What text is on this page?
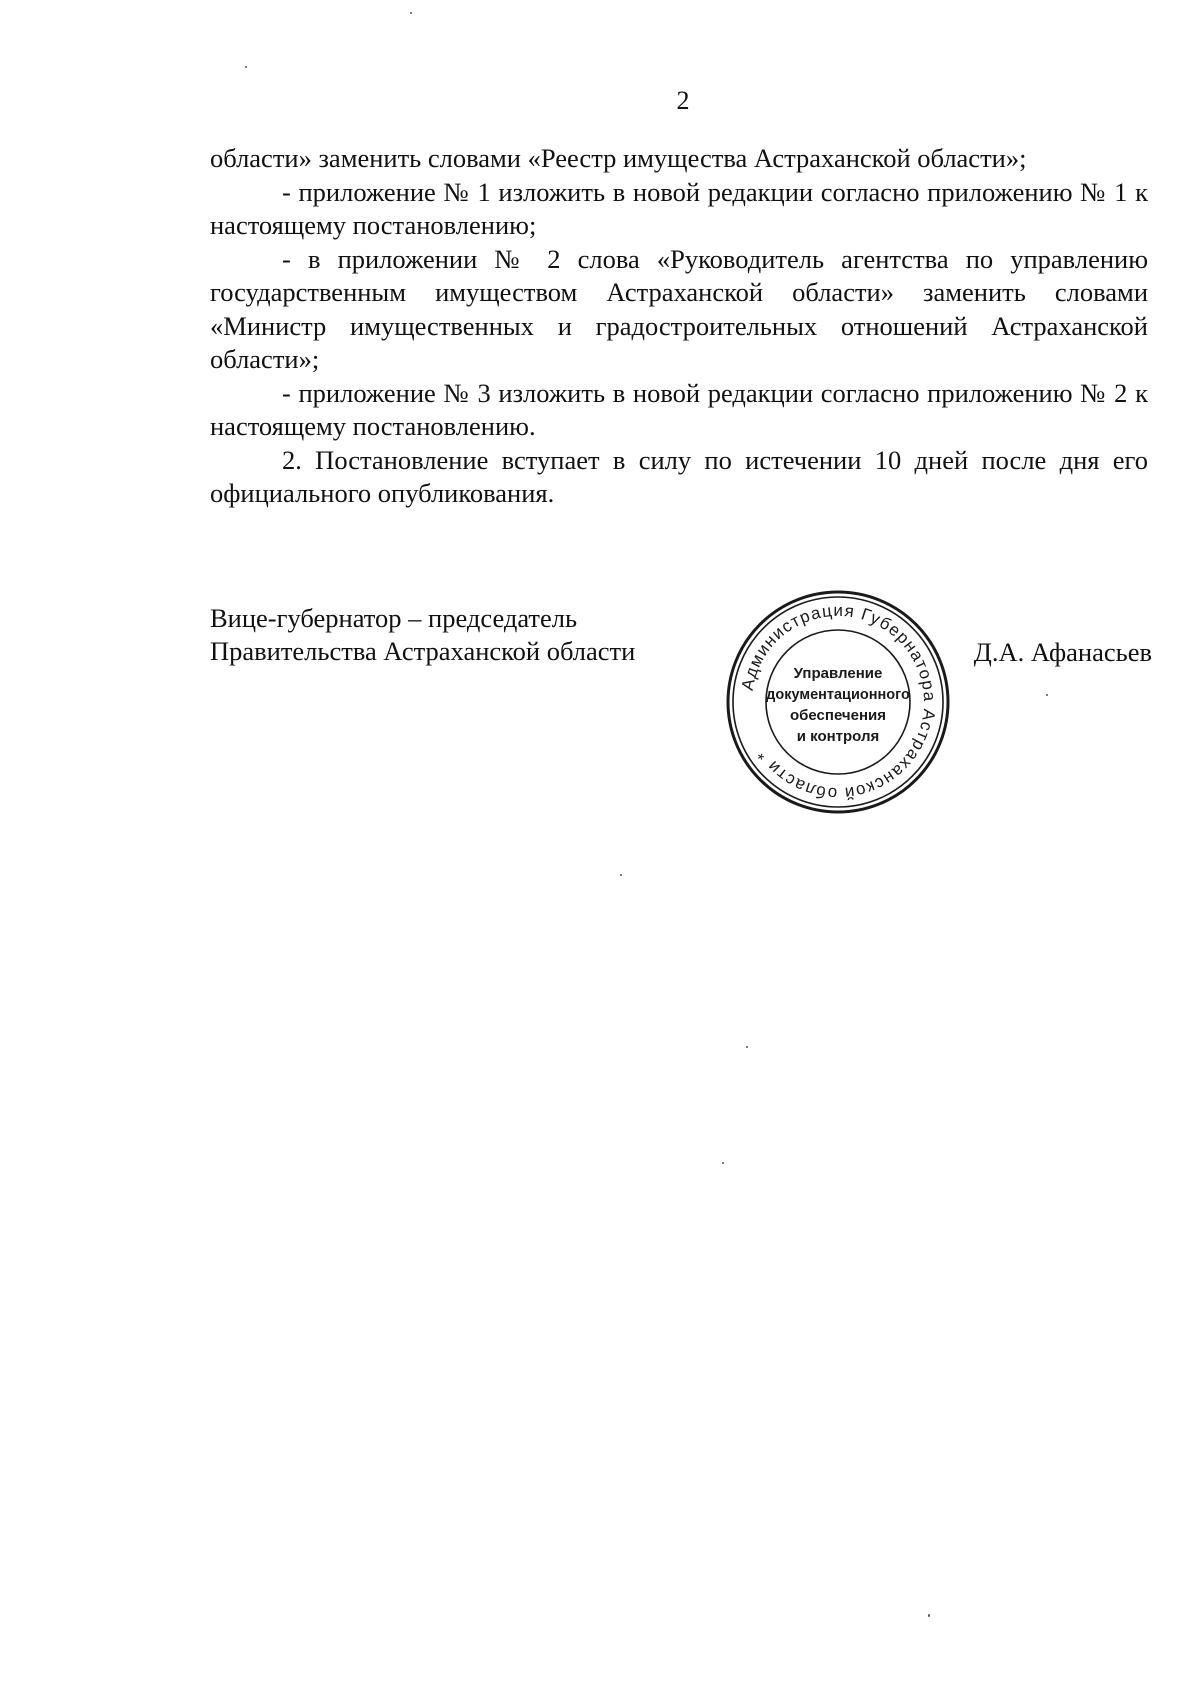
2

области» заменить словами «Реестр имущества Астраханской области»;

- приложение № 1 изложить в новой редакции согласно приложению № 1 к настоящему постановлению;

- в приложении № 2 слова «Руководитель агентства по управлению государственным имуществом Астраханской области» заменить словами «Министр имущественных и градостроительных отношений Астраханской области»;

- приложение № 3 изложить в новой редакции согласно приложению № 2 к настоящему постановлению.

2. Постановление вступает в силу по истечении 10 дней после дня его официального опубликования.

Вице-губернатор – председатель
Правительства Астраханской области	Д.А. Афанасьев
Администрация Губернатора Астраханской области *
Управление
документационного
обеспечения
и контроля
